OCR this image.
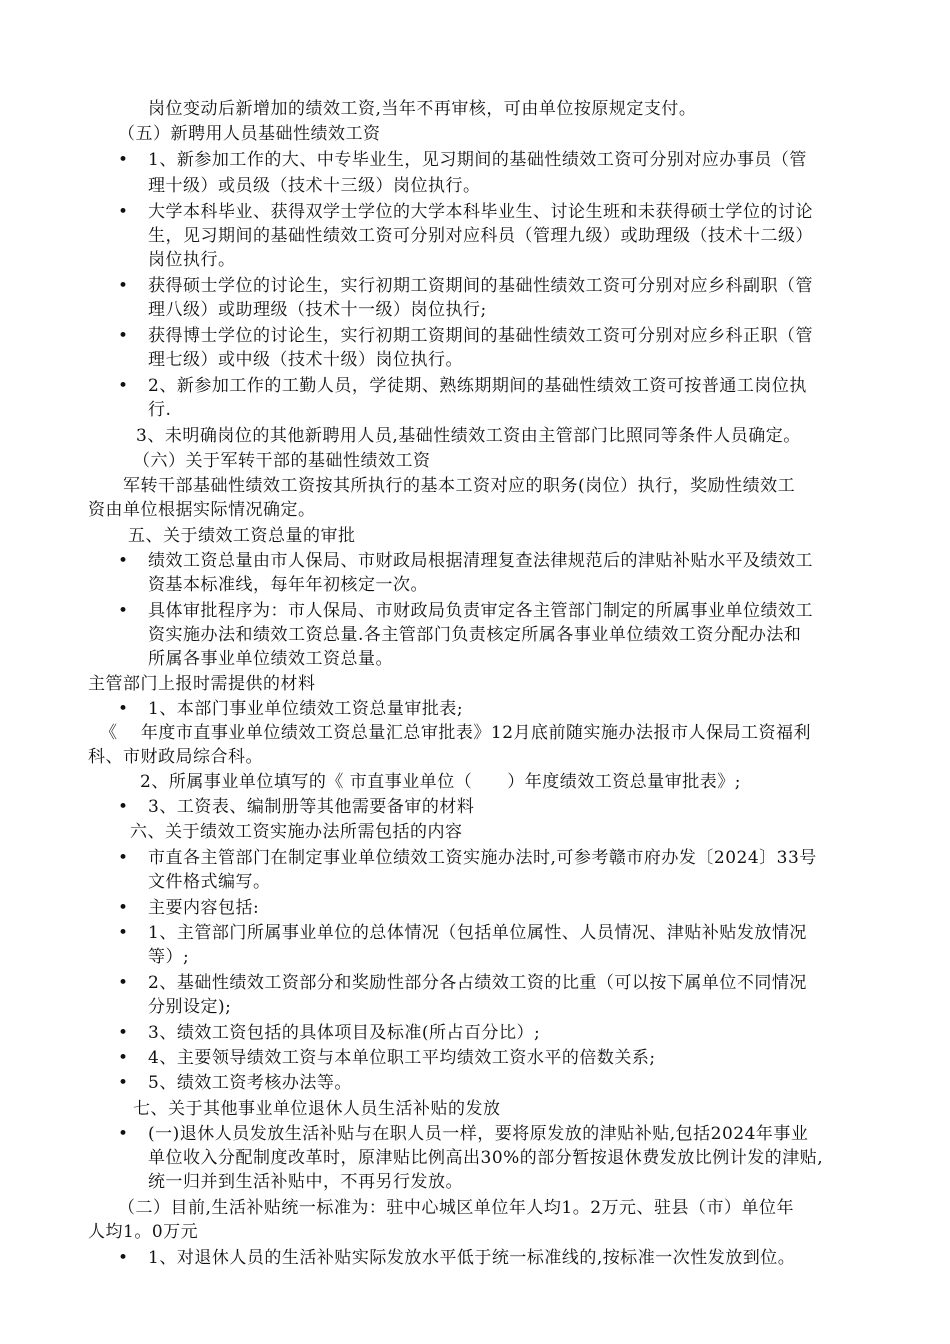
岗位变动后新增加的绩效工资,当年不再审核，可由单位按原规定支付。
（五）新聘用人员基础性绩效工资
• 1、新参加工作的大、中专毕业生，见习期间的基础性绩效工资可分别对应办事员（管
理十级）或员级（技术十三级）岗位执行。
• 大学本科毕业、获得双学士学位的大学本科毕业生、讨论生班和未获得硕士学位的讨论
生，见习期间的基础性绩效工资可分别对应科员（管理九级）或助理级（技术十二级）
岗位执行。
• 获得硕士学位的讨论生，实行初期工资期间的基础性绩效工资可分别对应乡科副职（管
理八级）或助理级（技术十一级）岗位执行;
• 获得博士学位的讨论生，实行初期工资期间的基础性绩效工资可分别对应乡科正职（管
理七级）或中级（技术十级）岗位执行。
• 2、新参加工作的工勤人员，学徒期、熟练期期间的基础性绩效工资可按普通工岗位执
行.
3、未明确岗位的其他新聘用人员,基础性绩效工资由主管部门比照同等条件人员确定。
（六）关于军转干部的基础性绩效工资
军转干部基础性绩效工资按其所执行的基本工资对应的职务(岗位）执行，奖励性绩效工
资由单位根据实际情况确定。
五、关于绩效工资总量的审批
• 绩效工资总量由市人保局、市财政局根据清理复查法律规范后的津贴补贴水平及绩效工
资基本标准线，每年年初核定一次。
• 具体审批程序为：市人保局、市财政局负责审定各主管部门制定的所属事业单位绩效工
资实施办法和绩效工资总量.各主管部门负责核定所属各事业单位绩效工资分配办法和
所属各事业单位绩效工资总量。
主管部门上报时需提供的材料
• 1、本部门事业单位绩效工资总量审批表;
《　 年度市直事业单位绩效工资总量汇总审批表》12月底前随实施办法报市人保局工资福利
科、市财政局综合科。
2、所属事业单位填写的《 市直事业单位（　　）年度绩效工资总量审批表》;
• 3、工资表、编制册等其他需要备审的材料
六、关于绩效工资实施办法所需包括的内容
• 市直各主管部门在制定事业单位绩效工资实施办法时,可参考赣市府办发〔2024〕33号
文件格式编写。
• 主要内容包括:
• 1、主管部门所属事业单位的总体情况（包括单位属性、人员情况、津贴补贴发放情况
等）;
• 2、基础性绩效工资部分和奖励性部分各占绩效工资的比重（可以按下属单位不同情况
分别设定);
• 3、绩效工资包括的具体项目及标准(所占百分比）;
• 4、主要领导绩效工资与本单位职工平均绩效工资水平的倍数关系;
• 5、绩效工资考核办法等。
七、关于其他事业单位退休人员生活补贴的发放
• (一)退休人员发放生活补贴与在职人员一样，要将原发放的津贴补贴,包括2024年事业
单位收入分配制度改革时，原津贴比例高出30%的部分暂按退休费发放比例计发的津贴,
统一归并到生活补贴中，不再另行发放。
（二）目前,生活补贴统一标准为：驻中心城区单位年人均1。2万元、驻县（市）单位年
人均1。0万元
• 1、对退休人员的生活补贴实际发放水平低于统一标准线的,按标准一次性发放到位。
